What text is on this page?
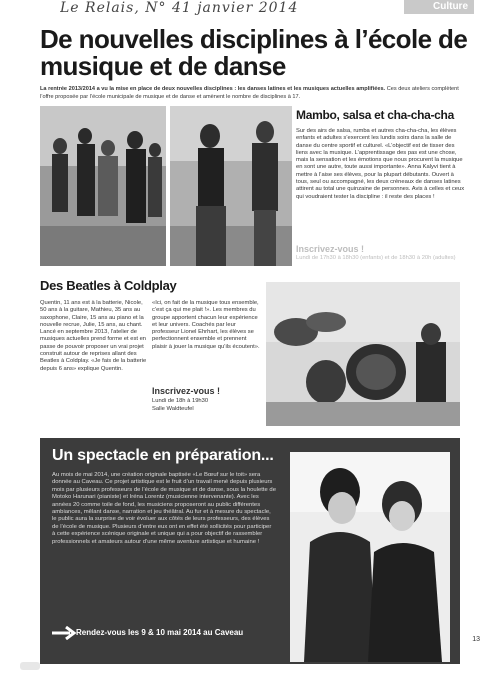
Le Relais, N° 41 janvier 2014	Culture
De nouvelles disciplines à l’école de musique et de danse
La rentrée 2013/2014 a vu la mise en place de deux nouvelles disciplines : les danses latines et les musiques actuelles amplifiées. Ces deux ateliers complètent l’offre proposée par l’école municipale de musique et de danse et amènent le nombre de disciplines à 17.
Mambo, salsa et cha-cha-cha
Sur des airs de salsa, rumba et autres cha-cha-cha, les élèves enfants et adultes s’exercent les lundis soirs dans la salle de danse du centre sportif et culturel. «L’objectif est de tisser des liens avec la musique. L’apprentissage des pas est une chose, mais la sensation et les émotions que nous procurent la musique en sont une autre, toute aussi importante». Anna Kalyvi tient à mettre à l’aise ses élèves, pour la plupart débutants. Ouvert à tous, seul ou accompagné, les deux créneaux de danses latines attirent au total une quinzaine de personnes. Avis à celles et ceux qui voudraient tester la discipline : il reste des places !
Inscrivez-vous !
Lundi de 17h30 à 18h30 (enfants) et de 18h30 à 20h (adultes)
Des Beatles à Coldplay
Quentin, 11 ans est à la batterie, Nicole, 50 ans à la guitare, Mathieu, 35 ans au saxophone, Claire, 15 ans au piano et la nouvelle recrue, Julie, 15 ans, au chant. Lancé en septembre 2013, l’atelier de musiques actuelles prend forme et est en passe de pouvoir proposer un vrai projet construit autour de reprises allant des Beatles à Coldplay. «Je fais de la batterie depuis 6 ans» explique Quentin.
«Ici, on fait de la musique tous ensemble, c’est ça qui me plait !». Les membres du groupe apportent chacun leur expérience et leur univers. Coachés par leur professeur Lionel Ehrhart, les élèves se perfectionnent ensemble et prennent plaisir à jouer la musique qu’ils écoutent».
Inscrivez-vous !
Lundi de 18h à 19h30
Salle Waldteufel
Un spectacle en préparation...
Au mois de mai 2014, une création originale baptisée «Le Bœuf sur le toit» sera donnée au Caveau. Ce projet artistique est le fruit d’un travail mené depuis plusieurs mois par plusieurs professeurs de l’école de musique et de danse, sous la houlette de Motoko Harunari (pianiste) et Iréna Lorentz (musicienne intervenante). Avec les années 20 comme toile de fond, les musiciens proposeront au public différentes ambiances, mêlant danse, narration et jeu théâtral. Au fur et à mesure du spectacle, le public aura la surprise de voir évoluer aux côtés de leurs professeurs, des élèves de l’école de musique. Plusieurs d’entre eux ont en effet été sollicités pour participer à cette expérience scénique originale et unique qui a pour objectif de rassembler professionnels et amateurs autour d’une même aventure artistique et humaine !
Rendez-vous les 9 & 10 mai 2014 au Caveau
13
